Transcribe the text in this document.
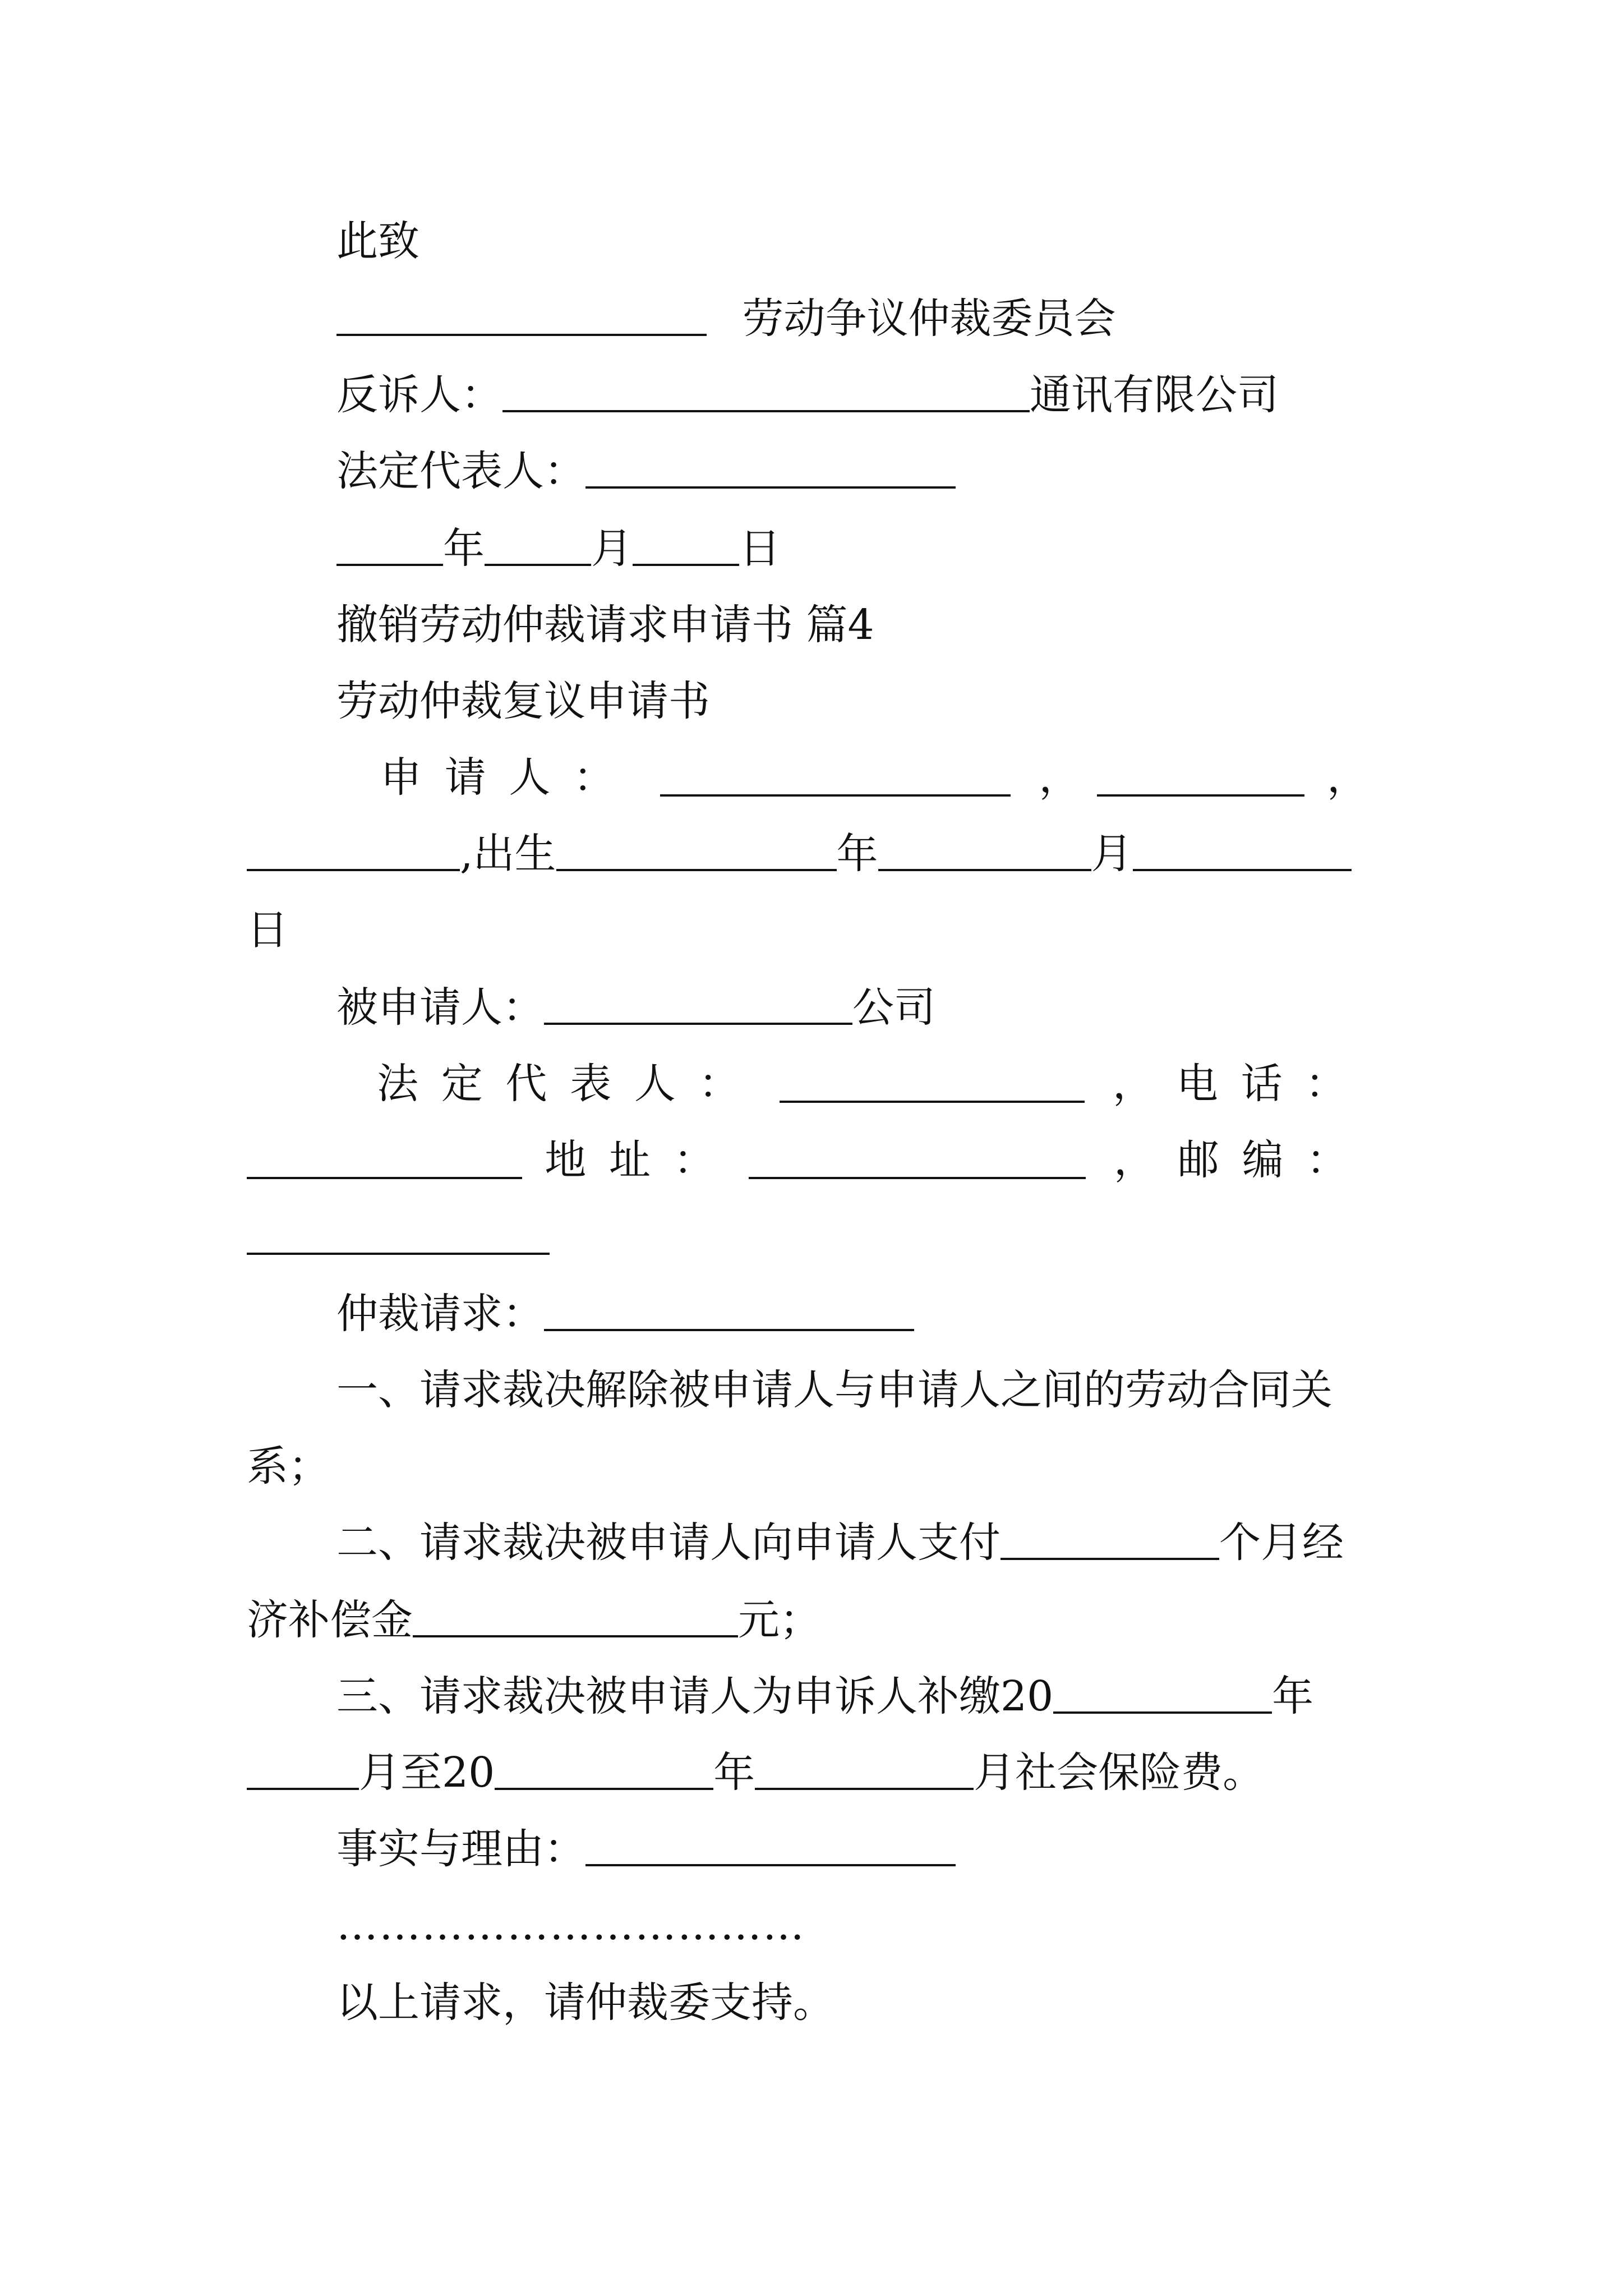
此致
劳动争议仲裁委员会
反诉人：	通讯有限公司
法定代表人：
年	月	日
撤销劳动仲裁请求申请书 篇4
劳动仲裁复议申请书
申请人：	，	，
,出生	年	月
日
被申请人：	公司
法定代表人：	， 电话：
地址：	， 邮编：
仲裁请求：
一、请求裁决解除被申请人与申请人之间的劳动合同关
系；
二、请求裁决被申请人向申请人支付	个月经
济补偿金	元；
三、请求裁决被申请人为申诉人补缴20	年
月至20	年	月社会保险费。
事实与理由：
……………………………
以上请求，请仲裁委支持。
